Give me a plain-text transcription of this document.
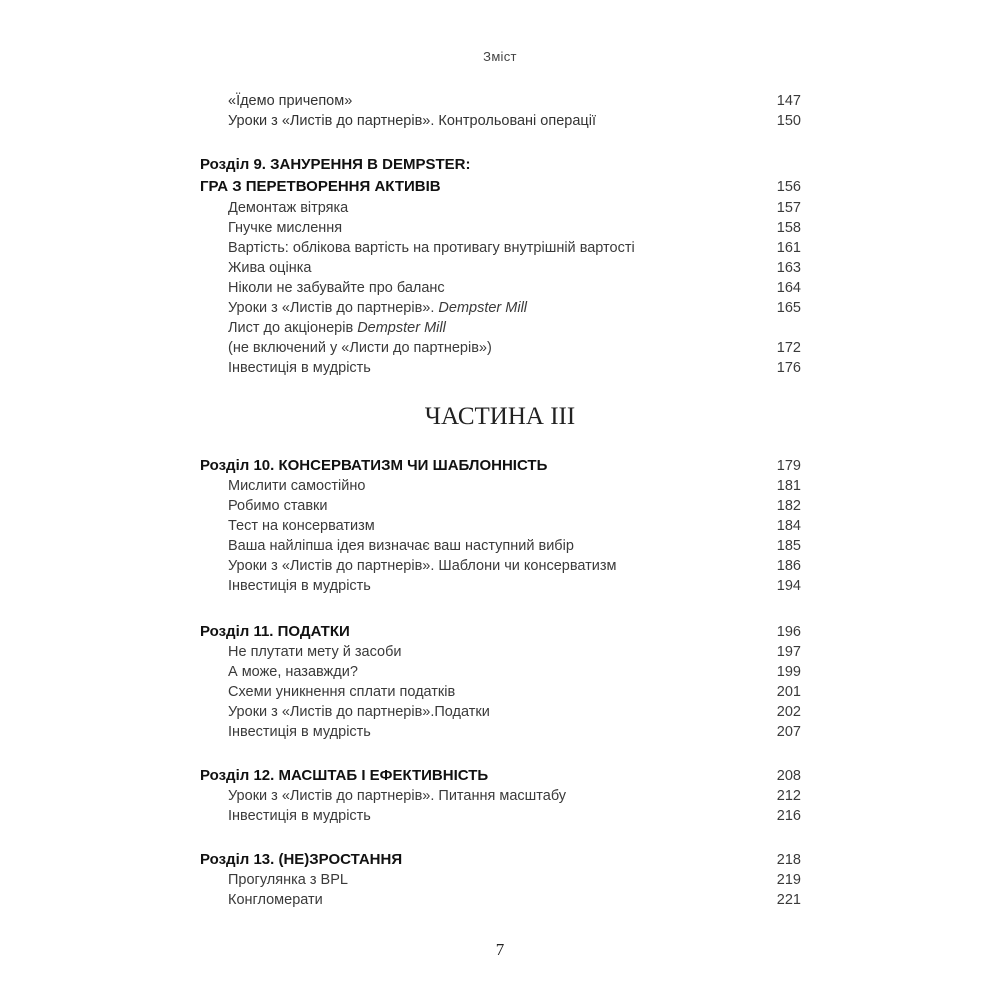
Зміст
«Їдемо причепом»	147
Уроки з «Листів до партнерів». Контрольовані операції	150
Розділ 9. ЗАНУРЕННЯ В DEMPSTER:
ГРА З ПЕРЕТВОРЕННЯ АКТИВІВ	156
Демонтаж вітряка	157
Гнучке мислення	158
Вартість: облікова вартість на противагу внутрішній вартості	161
Жива оцінка	163
Ніколи не забувайте про баланс	164
Уроки з «Листів до партнерів». Dempster Mill	165
Лист до акціонерів Dempster Mill
(не включений у «Листи до партнерів»)	172
Інвестиція в мудрість	176
ЧАСТИНА III
Розділ 10. КОНСЕРВАТИЗМ ЧИ ШАБЛОННІСТЬ	179
Мислити самостійно	181
Робимо ставки	182
Тест на консерватизм	184
Ваша найліпша ідея визначає ваш наступний вибір	185
Уроки з «Листів до партнерів». Шаблони чи консерватизм	186
Інвестиція в мудрість	194
Розділ 11. ПОДАТКИ	196
Не плутати мету й засоби	197
А може, назавжди?	199
Схеми уникнення сплати податків	201
Уроки з «Листів до партнерів».Податки	202
Інвестиція в мудрість	207
Розділ 12. МАСШТАБ І ЕФЕКТИВНІСТЬ	208
Уроки з «Листів до партнерів». Питання масштабу	212
Інвестиція в мудрість	216
Розділ 13. (НЕ)ЗРОСТАННЯ	218
Прогулянка з BPL	219
Конгломерати	221
7
